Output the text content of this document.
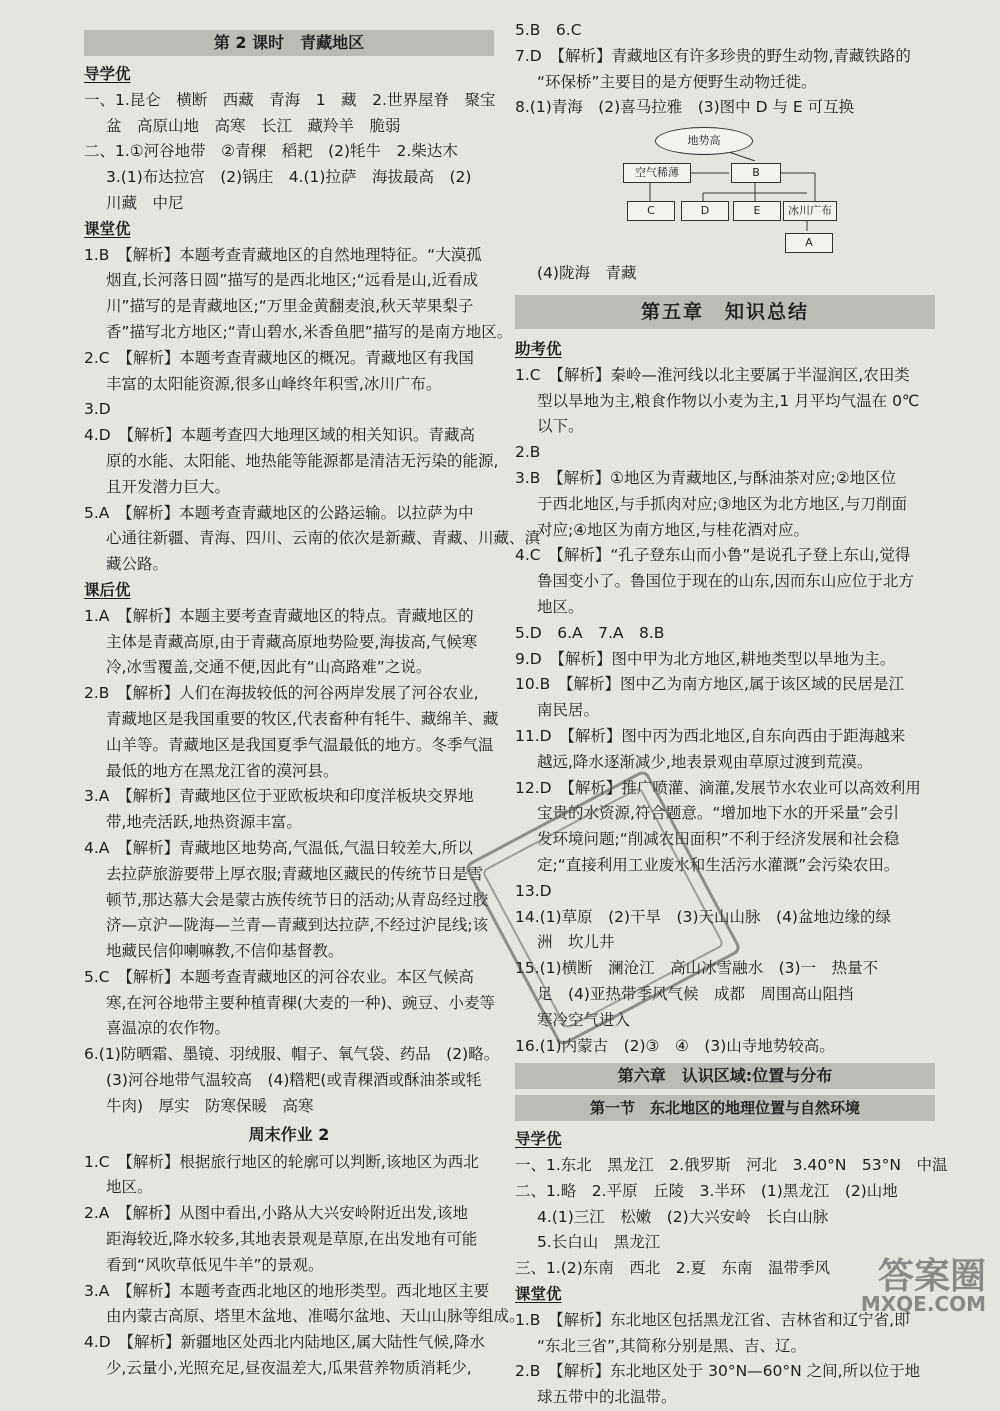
第 2 课时　青藏地区
导学优
一、1.昆仑　横断　西藏　青海　1　藏　2.世界屋脊　聚宝
盆　高原山地　高寒　长江　藏羚羊　脆弱
二、1.①河谷地带　②青稞　稻耙　(2)牦牛　2.柴达木
3.(1)布达拉宫　(2)锅庄　4.(1)拉萨　海拔最高　(2)
川藏　中尼
课堂优
1.B　【解析】本题考查青藏地区的自然地理特征。“大漠孤
烟直,长河落日圆”描写的是西北地区;“远看是山,近看成
川”描写的是青藏地区;“万里金黄翻麦浪,秋天苹果梨子
香”描写北方地区;“青山碧水,米香鱼肥”描写的是南方地区。
2.C　【解析】本题考查青藏地区的概况。青藏地区有我国
丰富的太阳能资源,很多山峰终年积雪,冰川广布。
3.D
4.D　【解析】本题考查四大地理区域的相关知识。青藏高
原的水能、太阳能、地热能等能源都是清洁无污染的能源,
且开发潜力巨大。
5.A　【解析】本题考查青藏地区的公路运输。以拉萨为中
心通往新疆、青海、四川、云南的依次是新藏、青藏、川藏、滇
藏公路。
课后优
1.A　【解析】本题主要考查青藏地区的特点。青藏地区的
主体是青藏高原,由于青藏高原地势险要,海拔高,气候寒
冷,冰雪覆盖,交通不便,因此有“山高路难”之说。
2.B　【解析】人们在海拔较低的河谷两岸发展了河谷农业,
青藏地区是我国重要的牧区,代表畜种有牦牛、藏绵羊、藏
山羊等。青藏地区是我国夏季气温最低的地方。冬季气温
最低的地方在黑龙江省的漠河县。
3.A　【解析】青藏地区位于亚欧板块和印度洋板块交界地
带,地壳活跃,地热资源丰富。
4.A　【解析】青藏地区地势高,气温低,气温日较差大,所以
去拉萨旅游要带上厚衣服;青藏地区藏民的传统节日是雪
顿节,那达慕大会是蒙古族传统节日的活动;从青岛经过胶
济—京沪—陇海—兰青—青藏到达拉萨,不经过沪昆线;该
地藏民信仰喇嘛教,不信仰基督教。
5.C　【解析】本题考查青藏地区的河谷农业。本区气候高
寒,在河谷地带主要种植青稞(大麦的一种)、豌豆、小麦等
喜温凉的农作物。
6.(1)防晒霜、墨镜、羽绒服、帽子、氧气袋、药品　(2)略。
(3)河谷地带气温较高　(4)糌粑(或青稞酒或酥油茶或牦
牛肉)　厚实　防寒保暖　高寒
周末作业 2
1.C　【解析】根据旅行地区的轮廓可以判断,该地区为西北
地区。
2.A　【解析】从图中看出,小路从大兴安岭附近出发,该地
距海较近,降水较多,其地表景观是草原,在出发地有可能
看到“风吹草低见牛羊”的景观。
3.A　【解析】本题考查西北地区的地形类型。西北地区主要
由内蒙古高原、塔里木盆地、准噶尔盆地、天山山脉等组成。
4.D　【解析】新疆地区处西北内陆地区,属大陆性气候,降水
少,云量小,光照充足,昼夜温差大,瓜果营养物质消耗少,
5.B　6.C
7.D　【解析】青藏地区有许多珍贵的野生动物,青藏铁路的
“环保桥”主要目的是方便野生动物迁徙。
8.(1)青海　(2)喜马拉雅　(3)图中 D 与 E 可互换
地势高
空气稀薄	B
C	D	E	冰川广布
A
(4)陇海　青藏
第五章　知识总结
助考优
1.C　【解析】秦岭—淮河线以北主要属于半湿润区,农田类
型以旱地为主,粮食作物以小麦为主,1 月平均气温在 0℃
以下。
2.B
3.B　【解析】①地区为青藏地区,与酥油茶对应;②地区位
于西北地区,与手抓肉对应;③地区为北方地区,与刀削面
对应;④地区为南方地区,与桂花酒对应。
4.C　【解析】“孔子登东山而小鲁”是说孔子登上东山,觉得
鲁国变小了。鲁国位于现在的山东,因而东山应位于北方
地区。
5.D　6.A　7.A　8.B
9.D　【解析】图中甲为北方地区,耕地类型以旱地为主。
10.B　【解析】图中乙为南方地区,属于该区域的民居是江
南民居。
11.D　【解析】图中丙为西北地区,自东向西由于距海越来
越远,降水逐渐减少,地表景观由草原过渡到荒漠。
12.D　【解析】推广喷灌、滴灌,发展节水农业可以高效利用
宝贵的水资源,符合题意。“增加地下水的开采量”会引
发环境问题;“削减农田面积”不利于经济发展和社会稳
定;“直接利用工业废水和生活污水灌溉”会污染农田。
13.D
14.(1)草原　(2)干旱　(3)天山山脉　(4)盆地边缘的绿
洲　坎儿井
15.(1)横断　澜沧江　高山冰雪融水　(3)一　热量不
足　(4)亚热带季风气候　成都　周围高山阻挡
寒冷空气进入
16.(1)内蒙古　(2)③　④　(3)山寺地势较高。
第六章　认识区域:位置与分布
第一节　东北地区的地理位置与自然环境
导学优
一、1.东北　黑龙江　2.俄罗斯　河北　3.40°N　53°N　中温
二、1.略　2.平原　丘陵　3.半环　(1)黑龙江　(2)山地
4.(1)三江　松嫩　(2)大兴安岭　长白山脉
5.长白山　黑龙江
三、1.(2)东南　西北　2.夏　东南　温带季风
课堂优
1.B　【解析】东北地区包括黑龙江省、吉林省和辽宁省,即
“东北三省”,其简称分别是黑、吉、辽。
2.B　【解析】东北地区处于 30°N—60°N 之间,所以位于地
球五带中的北温带。
答案圈
MXQE.COM
